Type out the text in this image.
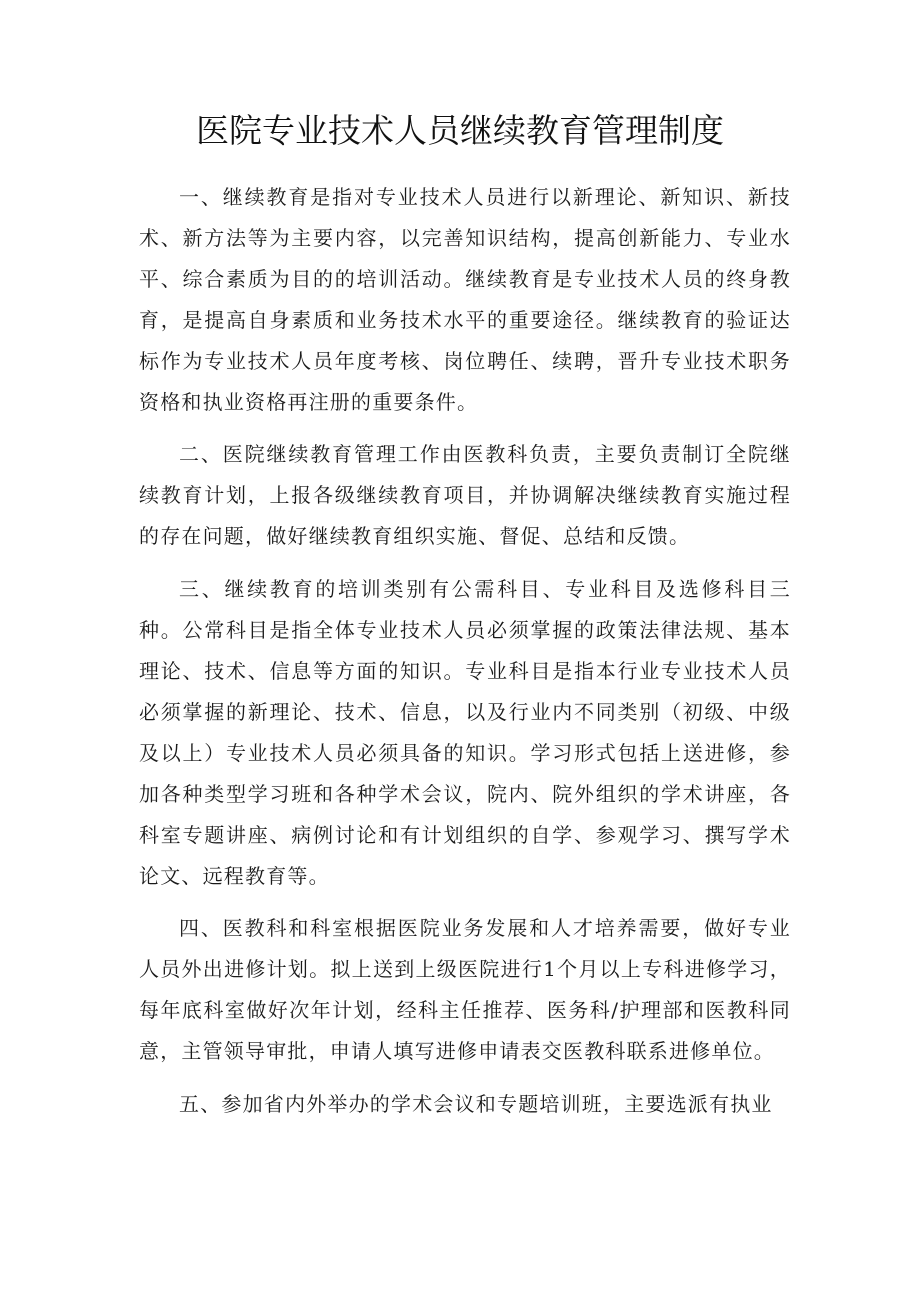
医院专业技术人员继续教育管理制度

一、继续教育是指对专业技术人员进行以新理论、新知识、新技术、新方法等为主要内容，以完善知识结构，提高创新能力、专业水平、综合素质为目的的培训活动。继续教育是专业技术人员的终身教育，是提高自身素质和业务技术水平的重要途径。继续教育的验证达标作为专业技术人员年度考核、岗位聘任、续聘，晋升专业技术职务资格和执业资格再注册的重要条件。

二、医院继续教育管理工作由医教科负责，主要负责制订全院继续教育计划，上报各级继续教育项目，并协调解决继续教育实施过程的存在问题，做好继续教育组织实施、督促、总结和反馈。

三、继续教育的培训类别有公需科目、专业科目及选修科目三种。公常科目是指全体专业技术人员必须掌握的政策法律法规、基本理论、技术、信息等方面的知识。专业科目是指本行业专业技术人员必须掌握的新理论、技术、信息，以及行业内不同类别（初级、中级及以上）专业技术人员必须具备的知识。学习形式包括上送进修，参加各种类型学习班和各种学术会议，院内、院外组织的学术讲座，各科室专题讲座、病例讨论和有计划组织的自学、参观学习、撰写学术论文、远程教育等。

四、医教科和科室根据医院业务发展和人才培养需要，做好专业人员外出进修计划。拟上送到上级医院进行1个月以上专科进修学习，每年底科室做好次年计划，经科主任推荐、医务科/护理部和医教科同意，主管领导审批，申请人填写进修申请表交医教科联系进修单位。

五、参加省内外举办的学术会议和专题培训班，主要选派有执业
